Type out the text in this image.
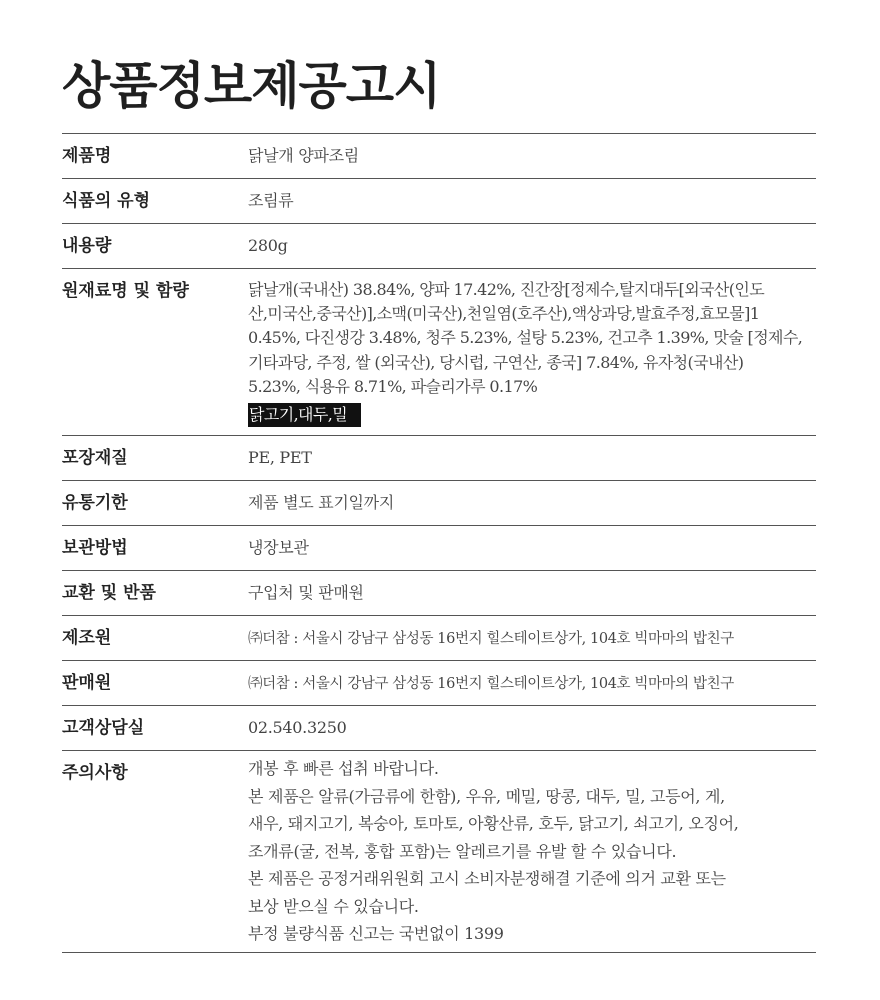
상품정보제공고시
제품명	닭날개 양파조림
식품의 유형	조림류
내용량	280g
원재료명 및 함량	닭날개(국내산) 38.84%, 양파 17.42%, 진간장[정제수,탈지대두[외국산(인도
산,미국산,중국산)],소맥(미국산),천일염(호주산),액상과당,발효주정,효모물]1
0.45%, 다진생강 3.48%, 청주 5.23%, 설탕 5.23%, 건고추 1.39%, 맛술 [정제수,
기타과당, 주정, 쌀 (외국산), 당시럽, 구연산, 종국] 7.84%, 유자청(국내산)
5.23%, 식용유 8.71%, 파슬리가루 0.17%
닭고기,대두,밀
포장재질	PE, PET
유통기한	제품 별도 표기일까지
보관방법	냉장보관
교환 및 반품	구입처 및 판매원
제조원	㈜더참 : 서울시 강남구 삼성동 16번지 힐스테이트상가, 104호 빅마마의 밥친구
판매원	㈜더참 : 서울시 강남구 삼성동 16번지 힐스테이트상가, 104호 빅마마의 밥친구
고객상담실	02.540.3250
주의사항	개봉 후 빠른 섭취 바랍니다.
본 제품은 알류(가금류에 한함), 우유, 메밀, 땅콩, 대두, 밀, 고등어, 게,
새우, 돼지고기, 복숭아, 토마토, 아황산류, 호두, 닭고기, 쇠고기, 오징어,
조개류(굴, 전복, 홍합 포함)는 알레르기를 유발 할 수 있습니다.
본 제품은 공정거래위원회 고시 소비자분쟁해결 기준에 의거 교환 또는
보상 받으실 수 있습니다.
부정 불량식품 신고는 국번없이 1399
